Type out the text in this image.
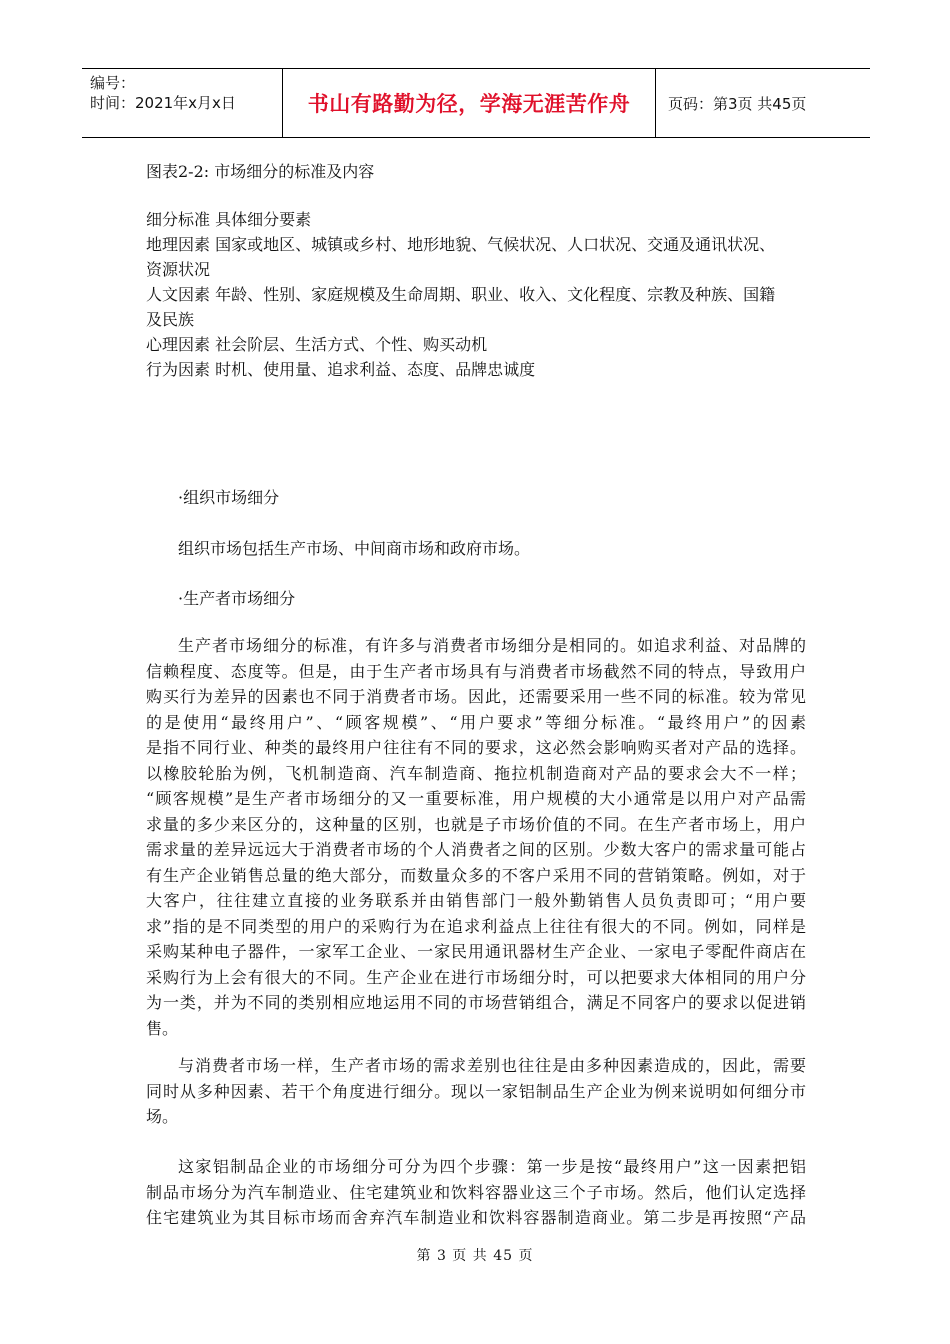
编号：
时间：2021年x月x日	书山有路勤为径，学海无涯苦作舟	页码：第3页 共45页
图表2-2: 市场细分的标准及内容
细分标准 具体细分要素
地理因素 国家或地区、城镇或乡村、地形地貌、气候状况、人口状况、交通及通讯状况、
资源状况
人文因素 年龄、性别、家庭规模及生命周期、职业、收入、文化程度、宗教及种族、国籍
及民族
心理因素 社会阶层、生活方式、个性、购买动机
行为因素 时机、使用量、追求利益、态度、品牌忠诚度
·组织市场细分
组织市场包括生产市场、中间商市场和政府市场。
·生产者市场细分
生产者市场细分的标准，有许多与消费者市场细分是相同的。如追求利益、对品牌的
信赖程度、态度等。但是，由于生产者市场具有与消费者市场截然不同的特点，导致用户
购买行为差异的因素也不同于消费者市场。因此，还需要采用一些不同的标准。较为常见
的是使用“最终用户”、“顾客规模”、“用户要求”等细分标准。“最终用户”的因素
是指不同行业、种类的最终用户往往有不同的要求，这必然会影响购买者对产品的选择。
以橡胶轮胎为例，飞机制造商、汽车制造商、拖拉机制造商对产品的要求会大不一样；
“顾客规模”是生产者市场细分的又一重要标准，用户规模的大小通常是以用户对产品需
求量的多少来区分的，这种量的区别，也就是子市场价值的不同。在生产者市场上，用户
需求量的差异远远大于消费者市场的个人消费者之间的区别。少数大客户的需求量可能占
有生产企业销售总量的绝大部分，而数量众多的不客户采用不同的营销策略。例如，对于
大客户，往往建立直接的业务联系并由销售部门一般外勤销售人员负责即可；“用户要
求”指的是不同类型的用户的采购行为在追求利益点上往往有很大的不同。例如，同样是
采购某种电子器件，一家军工企业、一家民用通讯器材生产企业、一家电子零配件商店在
采购行为上会有很大的不同。生产企业在进行市场细分时，可以把要求大体相同的用户分
为一类，并为不同的类别相应地运用不同的市场营销组合，满足不同客户的要求以促进销
售。
与消费者市场一样，生产者市场的需求差别也往往是由多种因素造成的，因此，需要
同时从多种因素、若干个角度进行细分。现以一家铝制品生产企业为例来说明如何细分市
场。
这家铝制品企业的市场细分可分为四个步骤：第一步是按“最终用户”这一因素把铝
制品市场分为汽车制造业、住宅建筑业和饮料容器业这三个子市场。然后，他们认定选择
住宅建筑业为其目标市场而舍弃汽车制造业和饮料容器制造商业。第二步是再按照“产品
第 3 页 共 45 页
